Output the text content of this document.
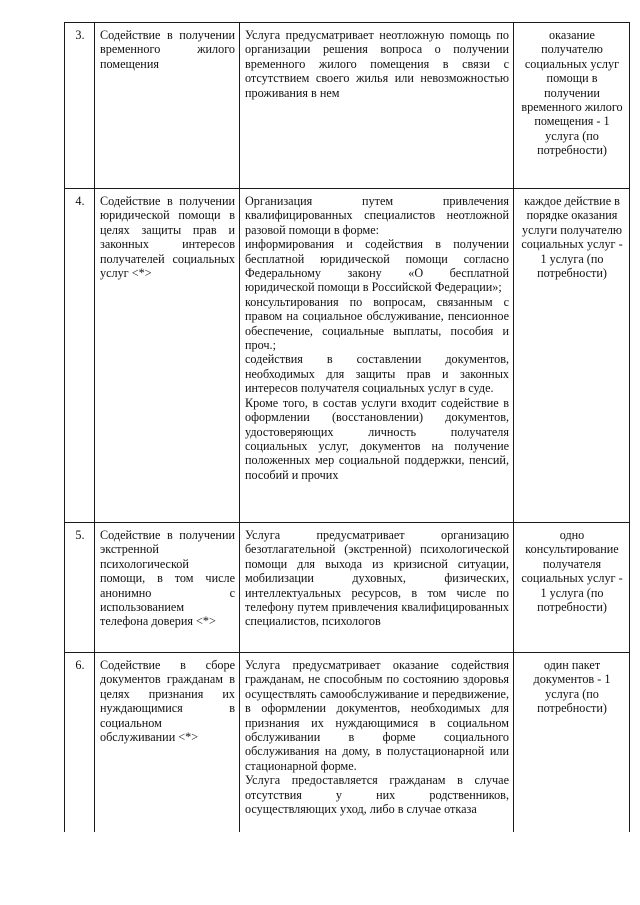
3.	Содействие в получении временного жилого помещения	Услуга предусматривает неотложную помощь по организации решения вопроса о получении временного жилого помещения в связи с отсутствием своего жилья или невозможностью проживания в нем	оказание получателю социальных услуг помощи в получении временного жилого помещения - 1 услуга (по потребности)
4.	Содействие в получении юридической помощи в целях защиты прав и законных интересов получателей социальных услуг <*>	Организация путем привлечения квалифицированных специалистов неотложной разовой помощи в форме:
информирования и содействия в получении бесплатной юридической помощи согласно Федеральному закону «О бесплатной юридической помощи в Российской Федерации»;
консультирования по вопросам, связанным с правом на социальное обслуживание, пенсионное обеспечение, социальные выплаты, пособия и проч.;
содействия в составлении документов, необходимых для защиты прав и законных интересов получателя социальных услуг в суде.
Кроме того, в состав услуги входит содействие в оформлении (восстановлении) документов, удостоверяющих личность получателя социальных услуг, документов на получение положенных мер социальной поддержки, пенсий, пособий и прочих	каждое действие в порядке оказания услуги получателю социальных услуг - 1 услуга (по потребности)
5.	Содействие в получении экстренной психологической помощи, в том числе анонимно с использованием телефона доверия <*>	Услуга предусматривает организацию безотлагательной (экстренной) психологической помощи для выхода из кризисной ситуации, мобилизации духовных, физических, интеллектуальных ресурсов, в том числе по телефону путем привлечения квалифицированных специалистов, психологов	одно консультирование получателя социальных услуг - 1 услуга (по потребности)
6.	Содействие в сборе документов гражданам в целях признания их нуждающимися в социальном обслуживании <*>	Услуга предусматривает оказание содействия гражданам, не способным по состоянию здоровья осуществлять самообслуживание и передвижение, в оформлении документов, необходимых для признания их нуждающимися в социальном обслуживании в форме социального обслуживания на дому, в полустационарной или стационарной форме.
Услуга предоставляется гражданам в случае отсутствия у них родственников, осуществляющих уход, либо в случае отказа	один пакет документов - 1 услуга (по потребности)
